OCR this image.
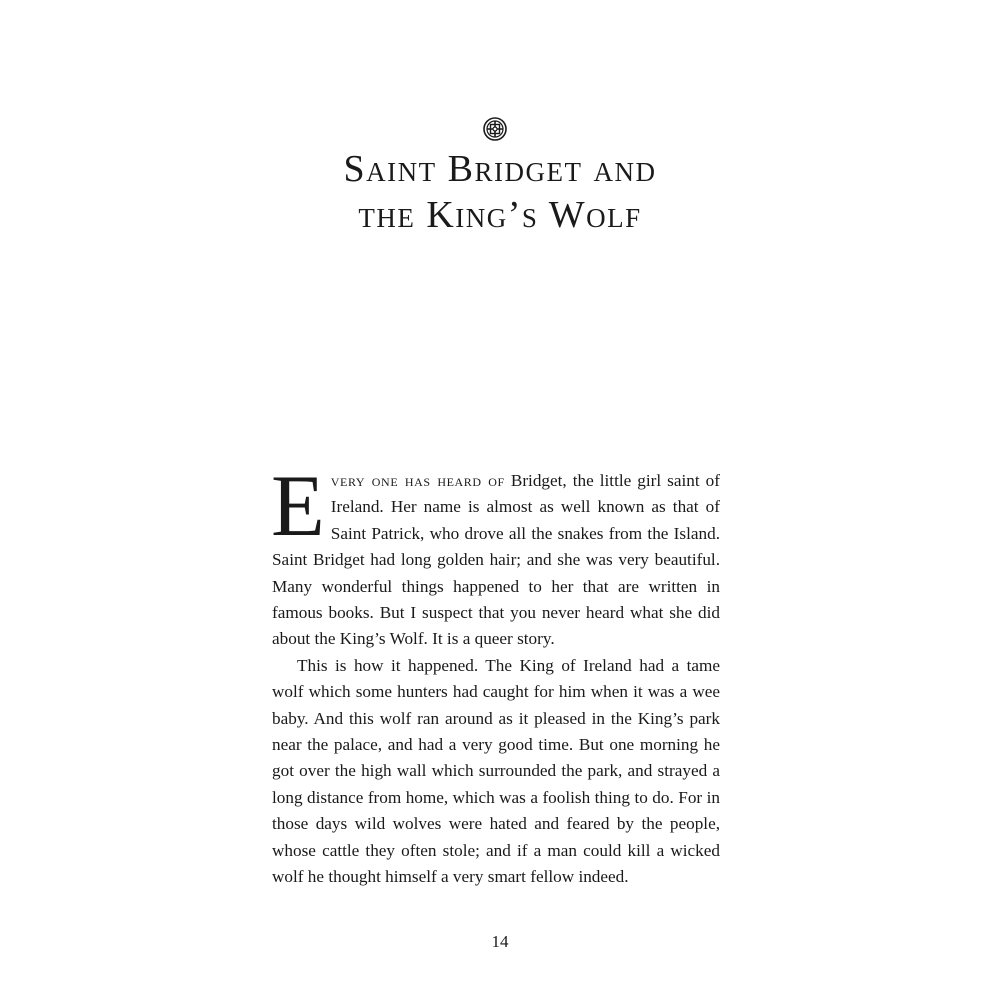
Saint Bridget and
the King’s Wolf

Every one has heard of Bridget, the little girl saint of Ireland. Her name is almost as well known as that of Saint Patrick, who drove all the snakes from the Island. Saint Bridget had long golden hair; and she was very beautiful. Many wonderful things happened to her that are written in famous books. But I suspect that you never heard what she did about the King’s Wolf. It is a queer story.

This is how it happened. The King of Ireland had a tame wolf which some hunters had caught for him when it was a wee baby. And this wolf ran around as it pleased in the King’s park near the palace, and had a very good time. But one morning he got over the high wall which surrounded the park, and strayed a long distance from home, which was a foolish thing to do. For in those days wild wolves were hated and feared by the people, whose cattle they often stole; and if a man could kill a wicked wolf he thought himself a very smart fellow indeed.

14
